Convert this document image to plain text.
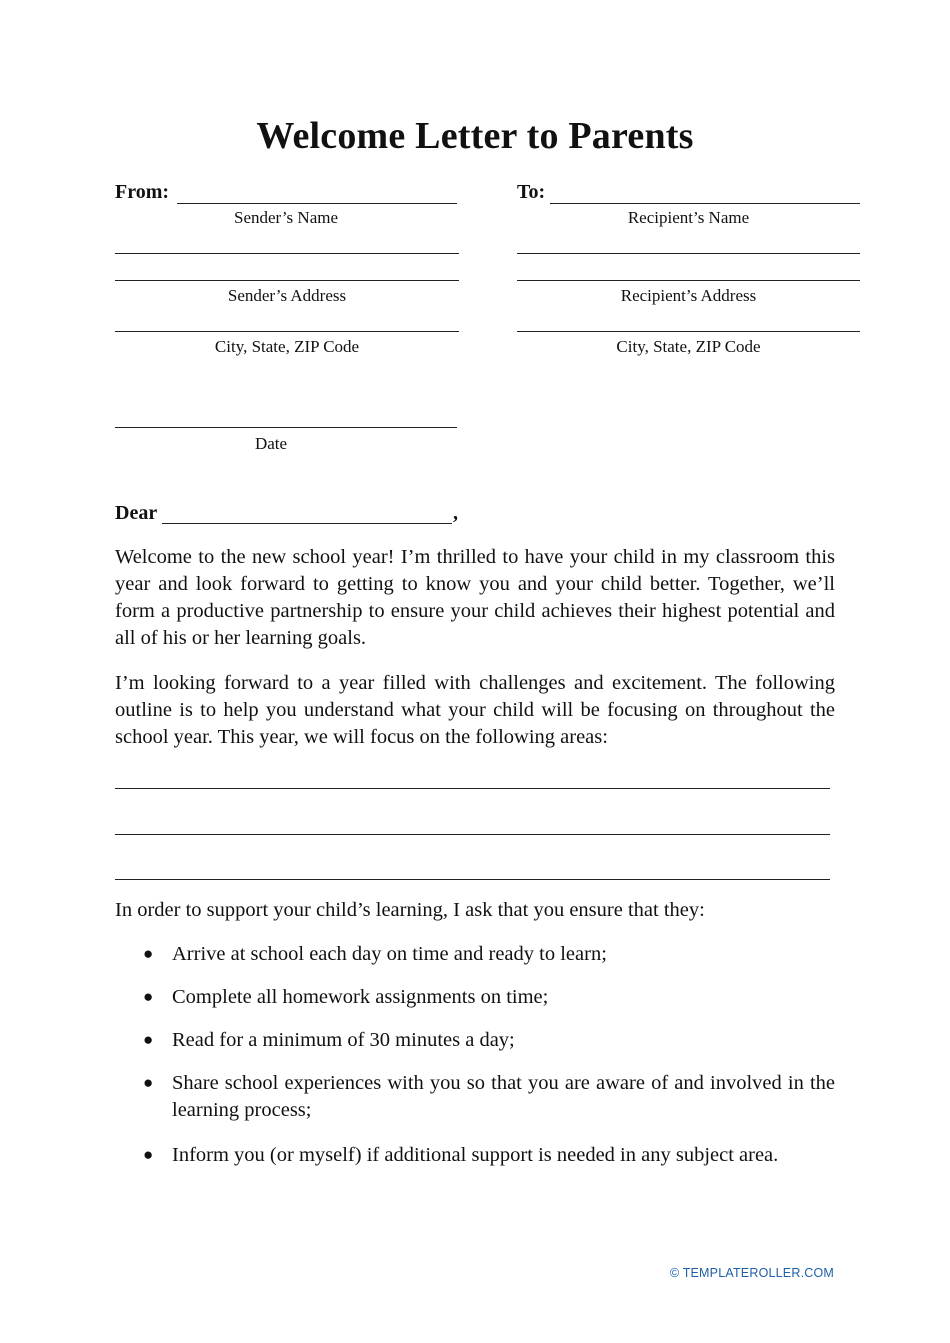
Welcome Letter to Parents
From:
Sender’s Name
Sender’s Address
City, State, ZIP Code
Date
To:
Recipient’s Name
Recipient’s Address
City, State, ZIP Code
Dear	,
Welcome to the new school year! I’m thrilled to have your child in my classroom this year and look forward to getting to know you and your child better. Together, we’ll form a productive partnership to ensure your child achieves their highest potential and all of his or her learning goals.
I’m looking forward to a year filled with challenges and excitement. The following outline is to help you understand what your child will be focusing on throughout the school year. This year, we will focus on the following areas:
In order to support your child’s learning, I ask that you ensure that they:
● Arrive at school each day on time and ready to learn;
● Complete all homework assignments on time;
● Read for a minimum of 30 minutes a day;
● Share school experiences with you so that you are aware of and involved in the learning process;
● Inform you (or myself) if additional support is needed in any subject area.
© TEMPLATEROLLER.COM
